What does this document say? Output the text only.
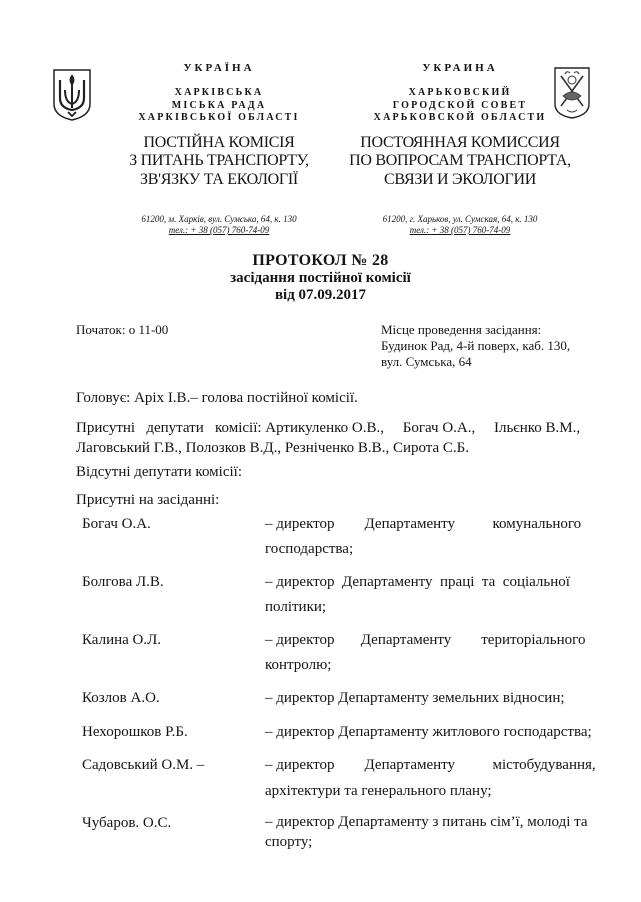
УКРАЇНА
ХАРКІВСЬКА
МІСЬКА РАДА
ХАРКІВСЬКОЇ ОБЛАСТІ
ПОСТІЙНА КОМІСІЯ
З ПИТАНЬ ТРАНСПОРТУ,
ЗВ'ЯЗКУ ТА ЕКОЛОГІЇ
61200, м. Харків, вул. Сумська, 64, к. 130
тел.: + 38 (057) 760-74-09
УКРАИНА
ХАРЬКОВСКИЙ
ГОРОДСКОЙ СОВЕТ
ХАРЬКОВСКОЙ ОБЛАСТИ
ПОСТОЯННАЯ КОМИССИЯ
ПО ВОПРОСАМ ТРАНСПОРТА,
СВЯЗИ И ЭКОЛОГИИ
61200, г. Харьков, ул. Сумская, 64, к. 130
тел.: + 38 (057) 760-74-09
ПРОТОКОЛ № 28
засідання постійної комісії
від 07.09.2017
Початок: о 11-00	Місце проведення засідання:
Будинок Рад, 4-й поверх, каб. 130,
вул. Сумська, 64
Головує: Аріх І.В.– голова постійної комісії.
Присутні   депутати   комісії: Артикуленко О.В.,     Богач О.А.,     Ільєнко В.М.,
Лаговський Г.В., Полозков В.Д., Резніченко В.В., Сирота С.Б.
Відсутні депутати комісії:
Присутні на засіданні:
Богач О.А.	– директор        Департаменту          комунального
господарства;
Болгова Л.В.	– директор  Департаменту  праці  та  соціальної
політики;
Калина О.Л.	– директор       Департаменту        територіального
контролю;
Козлов А.О.	– директор Департаменту земельних відносин;
Нехорошков Р.Б.	– директор Департаменту житлового господарства;
Садовський О.М. –	– директор        Департаменту          містобудування,
архітектури та генерального плану;
Чубаров. О.С.	– директор Департаменту з питань сім’ї, молоді та
спорту;
